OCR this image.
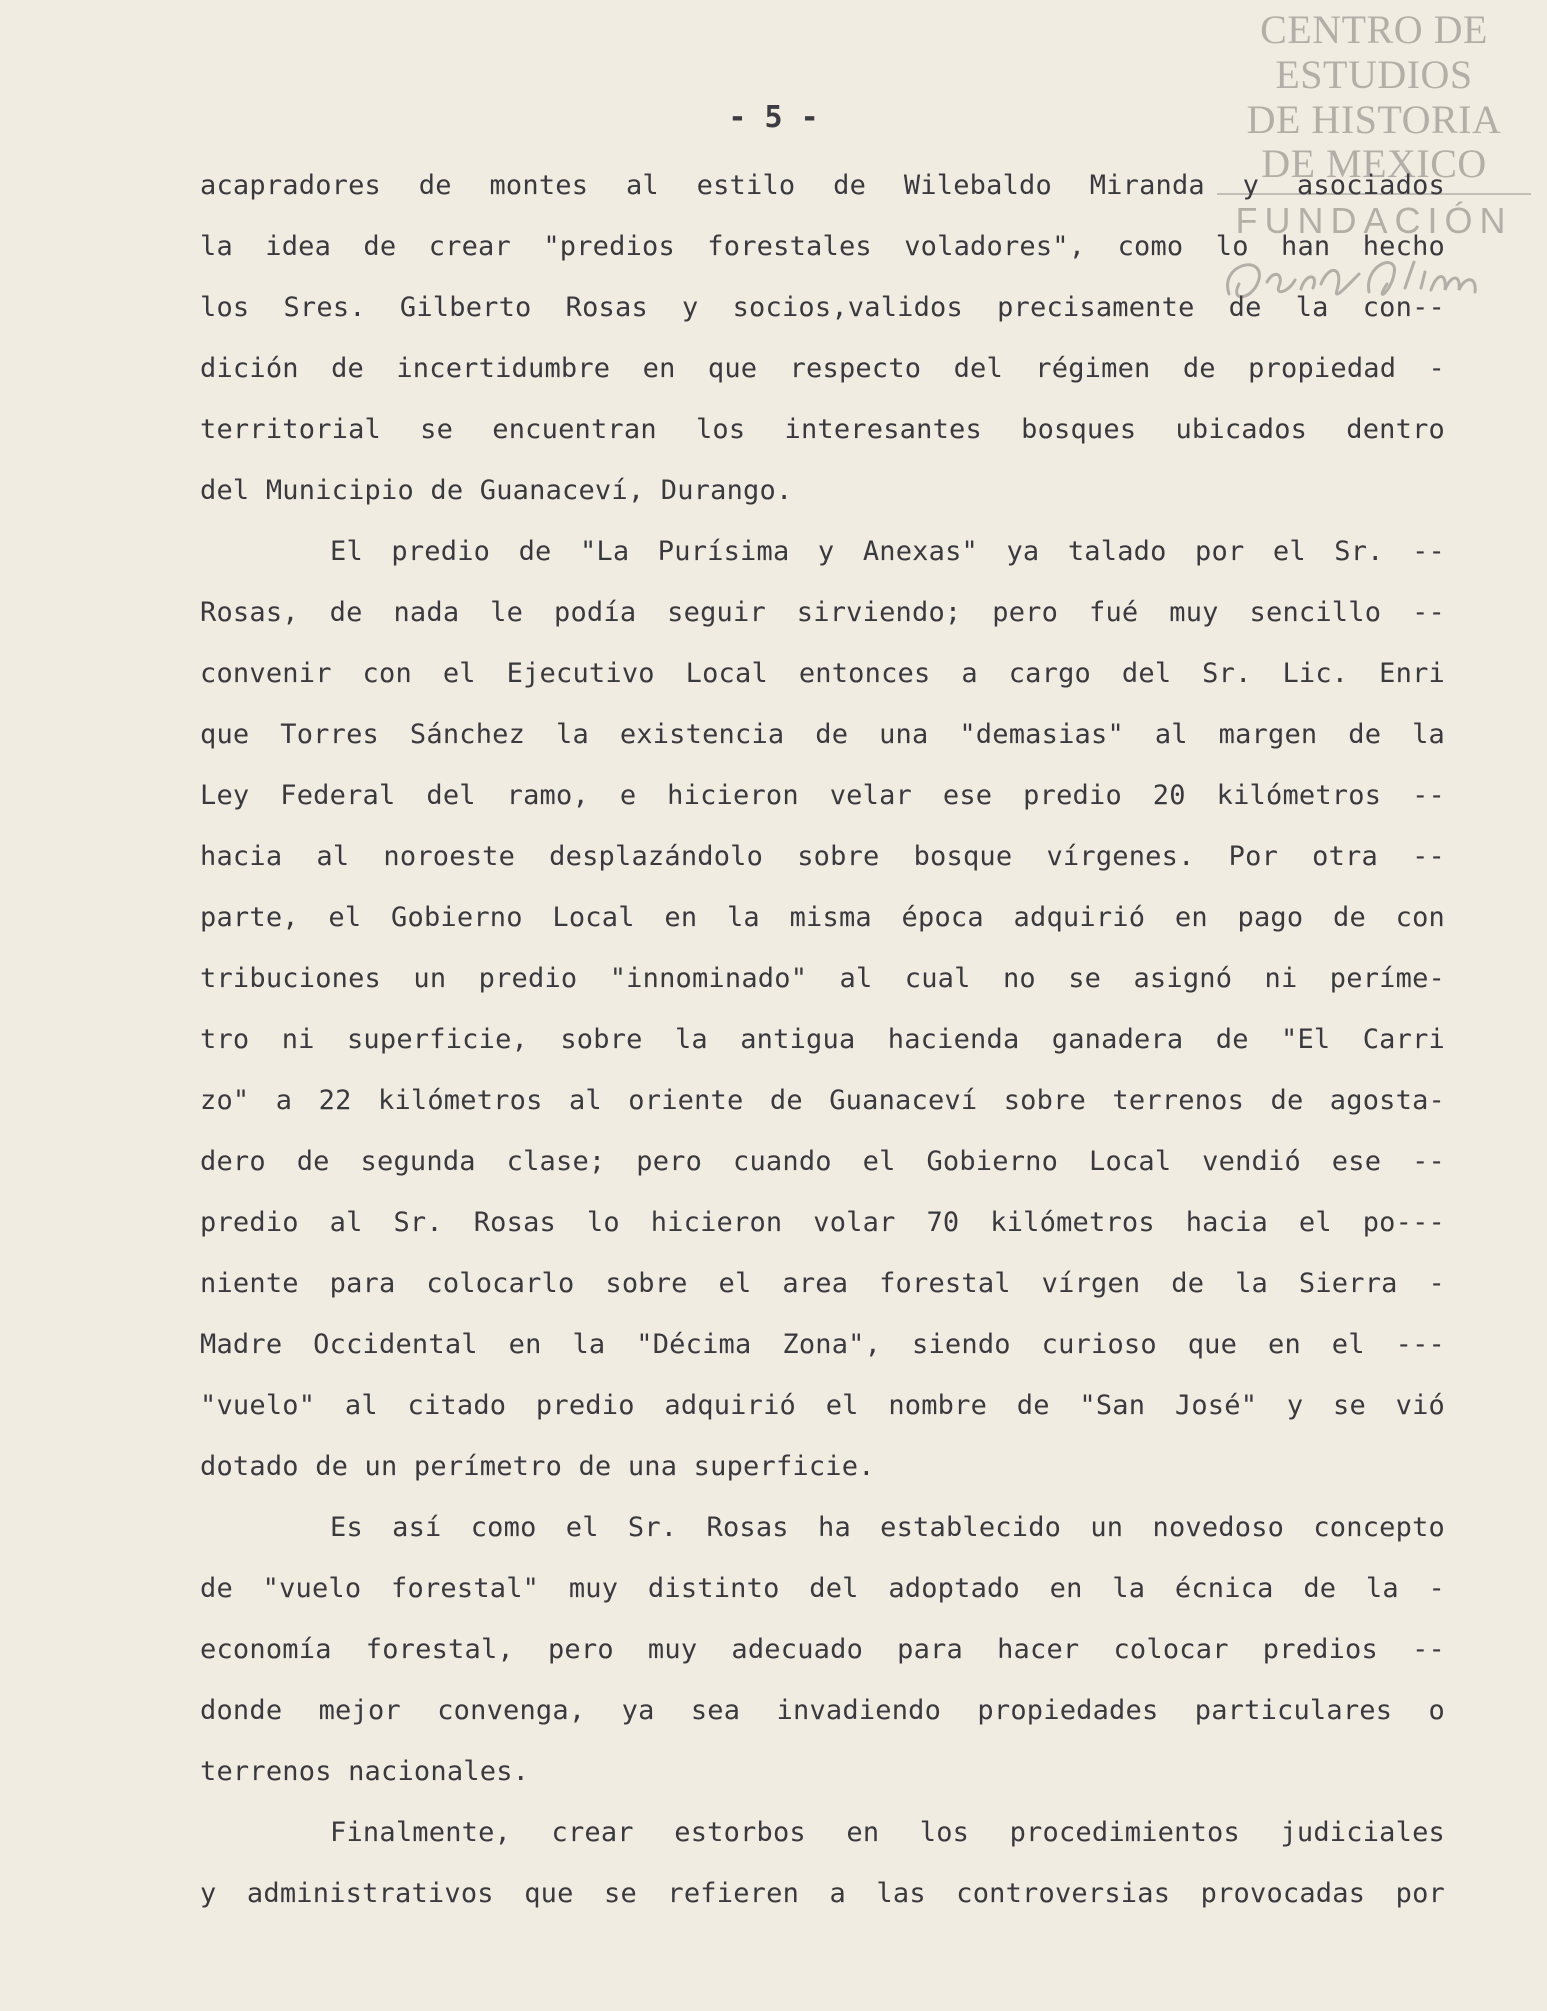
CENTRO DE
ESTUDIOS
DE HISTORIA
DE MEXICO
FUNDACIÓN
- 5 -
acapradores de montes al estilo de Wilebaldo Miranda y asociados
la idea de crear "predios forestales voladores", como lo han hecho
los Sres. Gilberto Rosas y socios,validos precisamente de la con--
dición de incertidumbre en que respecto del régimen de propiedad -
territorial se encuentran los interesantes bosques ubicados dentro
del Municipio de Guanaceví, Durango.
El predio de "La Purísima y Anexas" ya talado por el Sr. --
Rosas, de nada le podía seguir sirviendo; pero fué muy sencillo --
convenir con el Ejecutivo Local entonces a cargo del Sr. Lic. Enri
que Torres Sánchez la existencia de una "demasias" al margen de la
Ley Federal del ramo, e hicieron velar ese predio 20 kilómetros --
hacia al noroeste desplazándolo sobre bosque vírgenes. Por otra --
parte, el Gobierno Local en la misma época adquirió en pago de con
tribuciones un predio "innominado" al cual no se asignó ni períme-
tro ni superficie, sobre la antigua hacienda ganadera de "El Carri
zo" a 22 kilómetros al oriente de Guanaceví sobre terrenos de agosta-
dero de segunda clase; pero cuando el Gobierno Local vendió ese --
predio al Sr. Rosas lo hicieron volar 70 kilómetros hacia el po---
niente para colocarlo sobre el area forestal vírgen de la Sierra -
Madre Occidental en la "Décima Zona", siendo curioso que en el ---
"vuelo" al citado predio adquirió el nombre de "San José" y se vió
dotado de un perímetro de una superficie.
Es así como el Sr. Rosas ha establecido un novedoso concepto
de "vuelo forestal" muy distinto del adoptado en la écnica de la -
economía forestal, pero muy adecuado para hacer colocar predios --
donde mejor convenga, ya sea invadiendo propiedades particulares o
terrenos nacionales.
Finalmente, crear estorbos en los procedimientos judiciales
y administrativos que se refieren a las controversias provocadas por
